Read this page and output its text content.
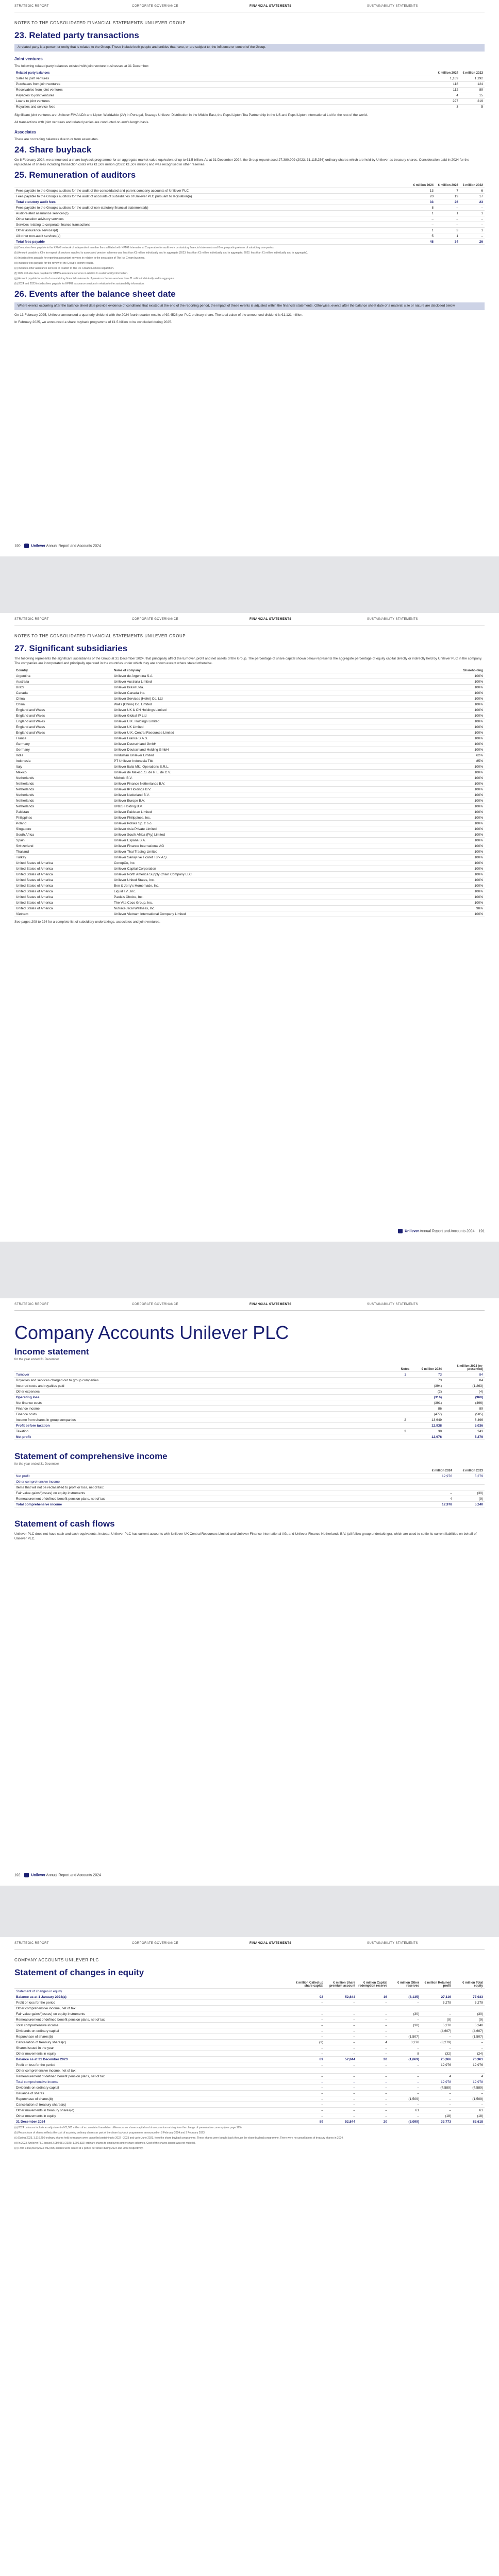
STRATEGIC REPORT	CORPORATE GOVERNANCE	FINANCIAL STATEMENTS	SUSTAINABILITY STATEMENTS
NOTES TO THE CONSOLIDATED FINANCIAL STATEMENTS UNILEVER GROUP
23. Related party transactions
A related party is a person or entity that is related to the Group. These include both people and entities that have, or are subject to, the influence or control of the Group.
Joint ventures

The following related party balances existed with joint venture businesses at 31 December:

Related party balances	€ million 2024	€ million 2023
Sales to joint ventures	1,169	1,192
Purchases from joint ventures	118	124
Receivables from joint ventures	112	89
Payables to joint ventures	4	15
Loans to joint ventures	227	219
Royalties and service fees	3	5

Significant joint ventures are Unilever FIMA LDA and Lipton Worldwide (JV) in Portugal, Brazage Unilever Distribution in the Middle East, the Pepsi Lipton Tea Partnership in the US and Pepsi Lipton International Ltd for the rest of the world.

All transactions with joint ventures and related parties are conducted on arm's length basis.

Associates

There are no trading balances due to or from associates.

24. Share buyback

On 8 February 2024, we announced a share buyback programme for an aggregate market value equivalent of up to €1.5 billion. As at 31 December 2024, the Group repurchased 27,380,909 (2023: 31,115,256) ordinary shares which are held by Unilever as treasury shares. Consideration paid in 2024 for the repurchase of shares including transaction costs was €1,509 million (2023: €1,507 million) and was recognised in other reserves.

25. Remuneration of auditors
	€ million 2024	€ million 2023	€ million 2022
Fees payable to the Group's auditors for the audit of the consolidated and parent company accounts of Unilever PLC	13	7	6
Fees payable to the Group's auditors for the audit of accounts of subsidiaries of Unilever PLC pursuant to legislation(a)	20	19	17
Total statutory audit fees	33	26	23
Fees payable to the Group's auditors for the audit of non-statutory financial statements(b)	8	–	–
Audit-related assurance services(c)	1	1	1
Other taxation advisory services	–	–	–
Services relating to corporate finance transactions	–	–	–
Other assurance services(d)	1	3	1
All other non-audit services(e)	5	1	–
Total fees payable	48	34	26
(a) Comprises fees payable to the KPMG network of independent member firms affiliated with KPMG International Cooperative for audit work on statutory financial statements and Group reporting returns of subsidiary companies.
(b) Amount payable is €3m in respect of services supplied to associated pension schemes was less than €1 million individually and in aggregate (2023: less than €1 million individually and in aggregate; 2022: less than €1 million individually and in aggregate).
(c) Includes fees payable for reporting accountant services in relation to the separation of The Ice Cream business.
(d) Includes fees payable for the review of the Group's interim results.
(e) Includes other assurance services in relation to The Ice Cream business separation.
(f) 2024 includes fees payable for KMPG assurance services in relation to sustainability information.
(g) Amount payable for audit of non-statutory financial statements of pension schemes was less than €1 million individually and in aggregate.
(h) 2024 and 2023 includes fees payable for KPMG assurance services in relation to the sustainability information.
26. Events after the balance sheet date
Where events occurring after the balance sheet date provide evidence of conditions that existed at the end of the reporting period, the impact of these events is adjusted within the financial statements. Otherwise, events after the balance sheet date of a material size or nature are disclosed below.

On 13 February 2025, Unilever announced a quarterly dividend with the 2024 fourth quarter results of €0.4528 per PLC ordinary share. The total value of the announced dividend is €1,121 million.

In February 2025, we announced a share buyback programme of €1.5 billion to be concluded during 2025.

190	Unilever Annual Report and Accounts 2024
STRATEGIC REPORT	CORPORATE GOVERNANCE	FINANCIAL STATEMENTS	SUSTAINABILITY STATEMENTS
NOTES TO THE CONSOLIDATED FINANCIAL STATEMENTS UNILEVER GROUP
27. Significant subsidiaries

The following represents the significant subsidiaries of the Group at 31 December 2024, that principally affect the turnover, profit and net assets of the Group. The percentage of share capital shown below represents the aggregate percentage of equity capital directly or indirectly held by Unilever PLC in the company. The companies are incorporated and principally operated in the countries under which they are shown except where stated otherwise.

Country	Name of company	Shareholding
Argentina	Unilever de Argentina S.A.	100%
Australia	Unilever Australia Limited	100%
Brazil	Unilever Brasil Ltda.	100%
Canada	Unilever Canada Inc.	100%
China	Unilever Services (Hefei) Co. Ltd	100%
China	Walls (China) Co. Limited	100%
England and Wales	Unilever UK & CN Holdings Limited	100%
England and Wales	Unilever Global IP Ltd	100%
England and Wales	Unilever U.K. Holdings Limited	100%
England and Wales	Unilever UK Limited	100%
England and Wales	Unilever U.K. Central Resources Limited	100%
France	Unilever France S.A.S.	100%
Germany	Unilever Deutschland GmbH	100%
Germany	Unilever Deutschland Holding GmbH	100%
India	Hindustan Unilever Limited	62%
Indonesia	PT Unilever Indonesia Tbk	85%
Italy	Unilever Italia Mkt. Operations S.R.L.	100%
Mexico	Unilever de Mexico, S. de R.L. de C.V.	100%
Netherlands	Mixhold B.V.	100%
Netherlands	Unilever Finance Netherlands B.V.	100%
Netherlands	Unilever IP Holdings B.V.	100%
Netherlands	Unilever Nederland B.V.	100%
Netherlands	Unilever Europe B.V.	100%
Netherlands	UNUS Holding B.V.	100%
Pakistan	Unilever Pakistan Limited	100%
Philippines	Unilever Philippines, Inc.	100%
Poland	Unilever Polska Sp. z o.o.	100%
Singapore	Unilever Asia Private Limited	100%
South Africa	Unilever South Africa (Pty) Limited	100%
Spain	Unilever España S.A.	100%
Switzerland	Unilever Finance International AG	100%
Thailand	Unilever Thai Trading Limited	100%
Turkey	Unilever Sanayi ve Ticaret Türk A.Ş.	100%
United States of America	ConopCo, Inc.	100%
United States of America	Unilever Capital Corporation	100%
United States of America	Unilever North America Supply Chain Company LLC	100%
United States of America	Unilever United States, Inc.	100%
United States of America	Ben & Jerry's Homemade, Inc.	100%
United States of America	Liquid I.V., Inc.	100%
United States of America	Paula's Choice, Inc.	100%
United States of America	The Vita Coco Group, Inc.	100%
United States of America	Nutraceutical Wellness, Inc.	98%
Vietnam	Unilever Vietnam International Company Limited	100%

See pages 208 to 224 for a complete list of subsidiary undertakings, associates and joint ventures.

Unilever Annual Report and Accounts 2024 191
STRATEGIC REPORT	CORPORATE GOVERNANCE	FINANCIAL STATEMENTS	SUSTAINABILITY STATEMENTS
Company Accounts Unilever PLC
Income statement
for the year ended 31 December
	Notes	€ million 2024	€ million 2023 (re-presented)
Turnover	1	73	84
Royalties and services charged out to group companies		73	84
Incurred costs and royalties paid		(394)	(1,263)
Other expenses		(2)	(4)
Operating loss		(316)	(960)
Net finance costs		(391)	(496)
Finance income		86	89
Finance costs		(477)	(585)
Income from shares in group companies	2	13,649	6,496
Profit before taxation		12,938	5,036
Taxation	3	38	243
Net profit		12,976	5,279
Statement of comprehensive income
for the year ended 31 December
	€ million 2024	€ million 2023
Net profit	12,976	5,279
Other comprehensive income		
Items that will not be reclassified to profit or loss, net of tax:		
Fair value gains/(losses) on equity instruments	–	(30)
Remeasurement of defined benefit pension plans, net of tax	4	(9)
Total comprehensive income	12,978	5,240
Statement of cash flows

Unilever PLC does not have cash and cash equivalents. Instead, Unilever PLC has current accounts with Unilever UK Central Resources Limited and Unilever Finance International AG, and Unilever Finance Netherlands B.V. (all fellow group undertakings), which are used to settle its current liabilities on behalf of Unilever PLC.

192	Unilever Annual Report and Accounts 2024
STRATEGIC REPORT	CORPORATE GOVERNANCE	FINANCIAL STATEMENTS	SUSTAINABILITY STATEMENTS
COMPANY ACCOUNTS UNILEVER PLC
Statement of changes in equity
	€ million Called up share capital	€ million Share premium account	€ million Capital redemption reserve	€ million Other reserves	€ million Retained profit	€ million Total equity
Statement of changes in equity						
Balance as at 1 January 2023(a)	92	52,844	16	(3,135)	27,116	77,933
Profit or loss for the period	–	–	–	–	5,279	5,279
Other comprehensive income, net of tax:						
Fair value gains/(losses) on equity instruments	–	–	–	(30)	–	(30)
Remeasurement of defined benefit pension plans, net of tax	–	–	–	–	(9)	(9)
Total comprehensive income	–	–	–	(30)	5,270	5,240
Dividends on ordinary capital	–	–	–	–	(4,607)	(4,607)
Repurchase of shares(b)	–	–	–	(1,507)	–	(1,507)
Cancellation of treasury shares(c)	(3)	–	4	3,278	(3,279)	–
Shares issued in the year	–	–	–	–	–	–
Other movements in equity	–	–	–	8	(32)	(24)
Balance as at 31 December 2023	89	52,844	20	(1,669)	25,366	76,961
Profit or loss for the period	–	–	–	–	12,976	12,976
Other comprehensive income, net of tax:						
Remeasurement of defined benefit pension plans, net of tax	–	–	–	–	4	4
Total comprehensive income	–	–	–	–	12,978	12,978
Dividends on ordinary capital	–	–	–	–	(4,589)	(4,589)
Issuance of shares	–	–	–	–	–	–
Repurchase of shares(b)	–	–	–	(1,509)	–	(1,509)
Cancellation of treasury shares(c)	–	–	–	–	–	–
Other movements in treasury shares(d)	–	–	–	61	–	61
Other movements in equity	–	–	–	–	(18)	(18)
31 December 2024	89	52,844	20	(3,099)	33,773	83,618
(a) 2024 balances include an adjustment of €1,585 million of accumulated translation differences on shares capital and share premium arising from the change of presentation currency (see page 195).
(b) Repurchase of shares reflects the cost of acquiring ordinary shares as part of the share buyback programmes announced on 8 February 2024 and 9 February 2023.
(c) During 2023, 3,116,256 ordinary shares held in treasury were cancelled pertaining to 2022 - 2023 and up to June 2023, from the share buyback programme. These shares were bought back through the share buyback programme. There were no cancellations of treasury shares in 2024.
(d) In 2023, Unilever PLC issued 2,050,081 (2023: 1,200,532) ordinary shares to employees under share schemes. Cost of the shares issued was not material.
(e) From 9,863,500 (2023: 992,065) shares were issued at 1 pence per share during 2024 and 2023 respectively.
